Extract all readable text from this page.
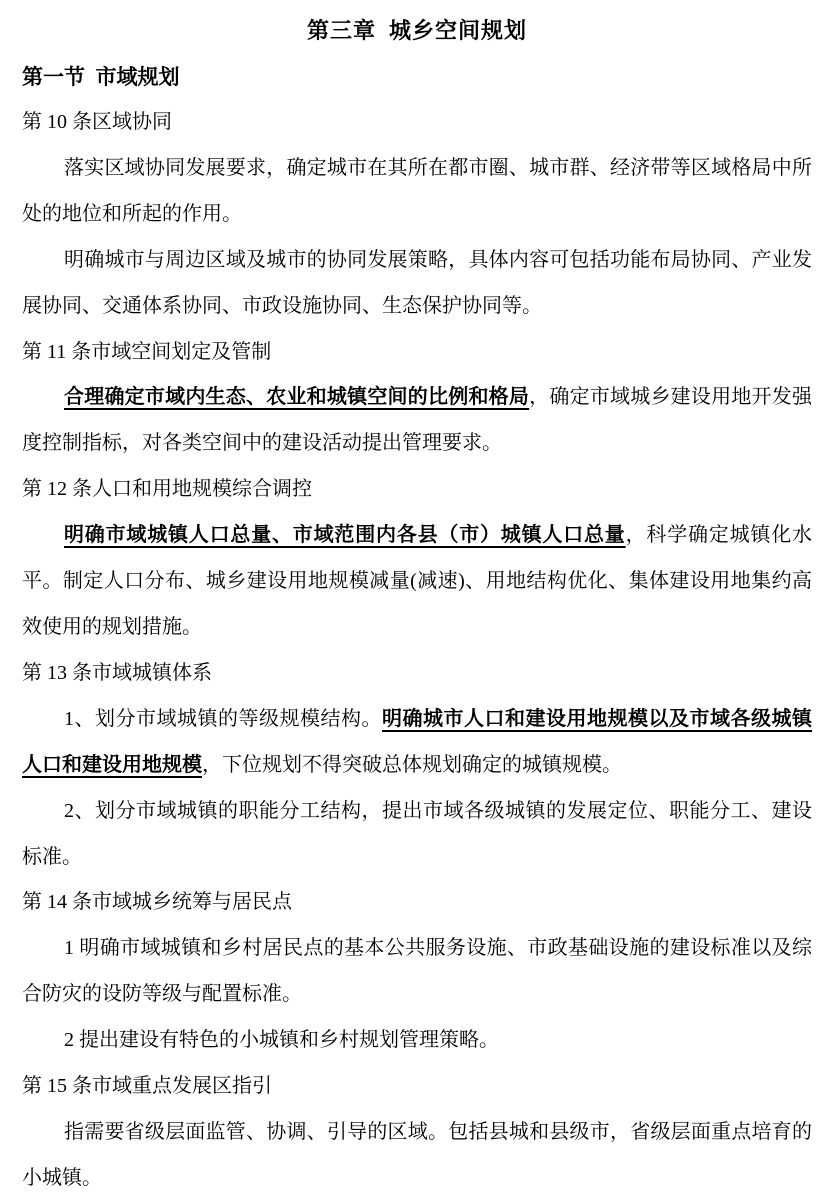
第三章  城乡空间规划

第一节  市域规划

第 10 条区域协同

落实区域协同发展要求，确定城市在其所在都市圈、城市群、经济带等区域格局中所处的地位和所起的作用。

明确城市与周边区域及城市的协同发展策略，具体内容可包括功能布局协同、产业发展协同、交通体系协同、市政设施协同、生态保护协同等。

第 11 条市域空间划定及管制

合理确定市域内生态、农业和城镇空间的比例和格局，确定市域城乡建设用地开发强度控制指标，对各类空间中的建设活动提出管理要求。

第 12 条人口和用地规模综合调控

明确市域城镇人口总量、市域范围内各县（市）城镇人口总量，科学确定城镇化水平。制定人口分布、城乡建设用地规模减量(减速)、用地结构优化、集体建设用地集约高效使用的规划措施。

第 13 条市域城镇体系

1、划分市域城镇的等级规模结构。明确城市人口和建设用地规模以及市域各级城镇人口和建设用地规模，下位规划不得突破总体规划确定的城镇规模。

2、划分市域城镇的职能分工结构，提出市域各级城镇的发展定位、职能分工、建设标准。

第 14 条市域城乡统筹与居民点

1 明确市域城镇和乡村居民点的基本公共服务设施、市政基础设施的建设标准以及综合防灾的设防等级与配置标准。

2 提出建设有特色的小城镇和乡村规划管理策略。

第 15 条市域重点发展区指引

指需要省级层面监管、协调、引导的区域。包括县城和县级市，省级层面重点培育的小城镇。
